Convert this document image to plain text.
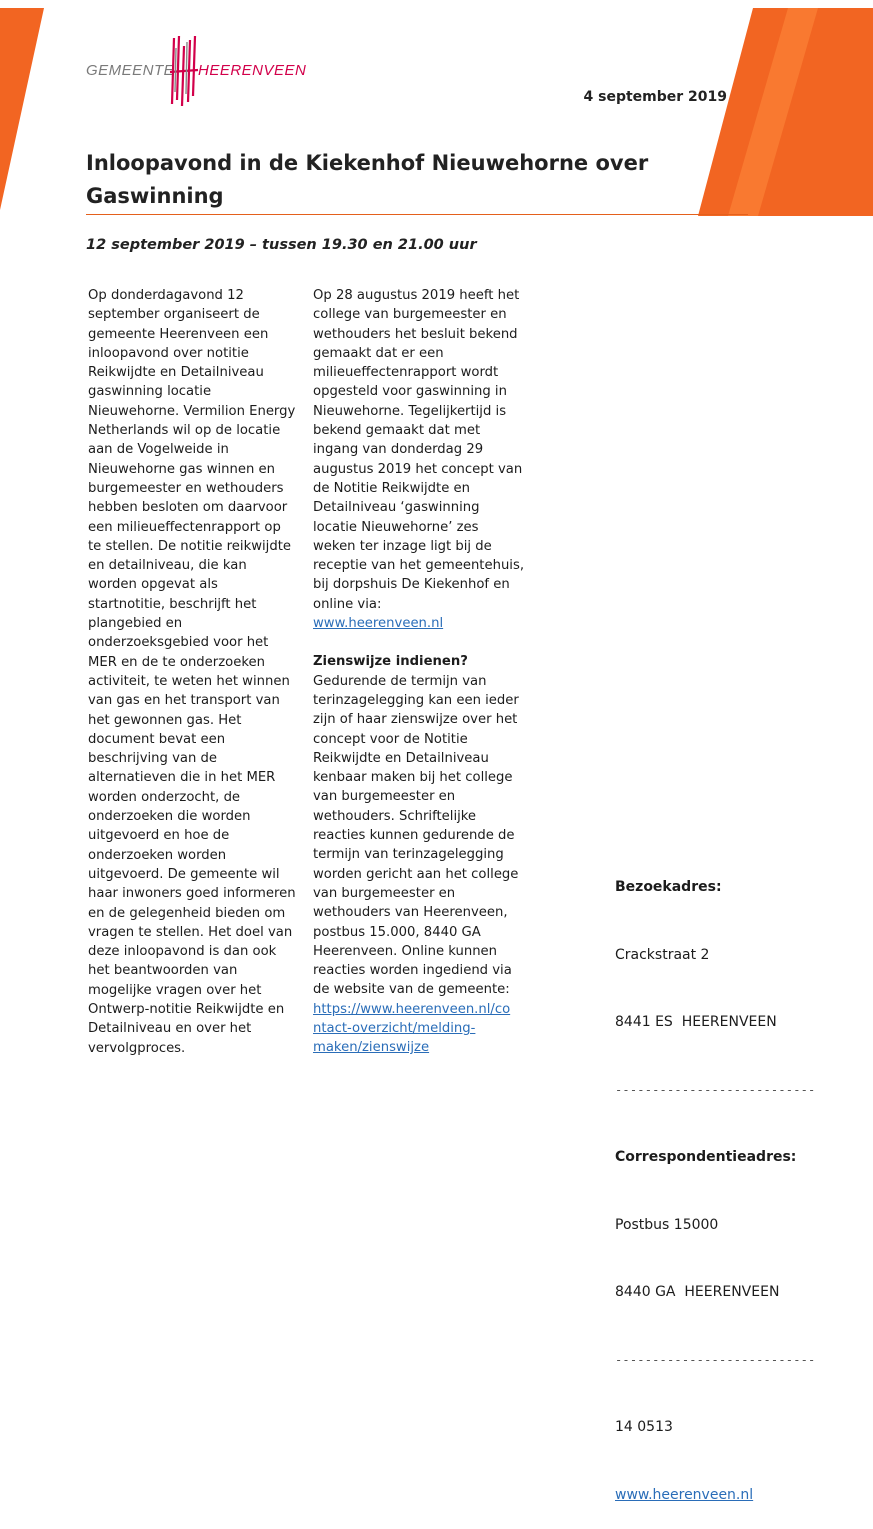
GEMEENTE HEERENVEEN
4 september 2019
Inloopavond in de Kiekenhof Nieuwehorne over Gaswinning

12 september 2019 – tussen 19.30 en 21.00 uur

Op donderdagavond 12
september organiseert de
gemeente Heerenveen een
inloopavond over notitie
Reikwijdte en Detailniveau
gaswinning locatie
Nieuwehorne. Vermilion Energy
Netherlands wil op de locatie
aan de Vogelweide in
Nieuwehorne gas winnen en
burgemeester en wethouders
hebben besloten om daarvoor
een milieueffectenrapport op
te stellen. De notitie reikwijdte
en detailniveau, die kan
worden opgevat als
startnotitie, beschrijft het
plangebied en
onderzoeksgebied voor het
MER en de te onderzoeken
activiteit, te weten het winnen
van gas en het transport van
het gewonnen gas. Het
document bevat een
beschrijving van de
alternatieven die in het MER
worden onderzocht, de
onderzoeken die worden
uitgevoerd en hoe de
onderzoeken worden
uitgevoerd. De gemeente wil
haar inwoners goed informeren
en de gelegenheid bieden om
vragen te stellen. Het doel van
deze inloopavond is dan ook
het beantwoorden van
mogelijke vragen over het
Ontwerp-notitie Reikwijdte en
Detailniveau en over het
vervolgproces.
Op 28 augustus 2019 heeft het
college van burgemeester en
wethouders het besluit bekend
gemaakt dat er een
milieueffectenrapport wordt
opgesteld voor gaswinning in
Nieuwehorne. Tegelijkertijd is
bekend gemaakt dat met
ingang van donderdag 29
augustus 2019 het concept van
de Notitie Reikwijdte en
Detailniveau ‘gaswinning
locatie Nieuwehorne’ zes
weken ter inzage ligt bij de
receptie van het gemeentehuis,
bij dorpshuis De Kiekenhof en
online via:
www.heerenveen.nl
Zienswijze indienen?
Gedurende de termijn van
terinzagelegging kan een ieder
zijn of haar zienswijze over het
concept voor de Notitie
Reikwijdte en Detailniveau
kenbaar maken bij het college
van burgemeester en
wethouders. Schriftelijke
reacties kunnen gedurende de
termijn van terinzagelegging
worden gericht aan het college
van burgemeester en
wethouders van Heerenveen,
postbus 15.000, 8440 GA
Heerenveen. Online kunnen
reacties worden ingediend via
de website van de gemeente:
https://www.heerenveen.nl/co
ntact-overzicht/melding-
maken/zienswijze

Bezoekadres:

Crackstraat 2

8441 ES  HEERENVEEN

---------------------------

Correspondentieadres:

Postbus 15000

8440 GA  HEERENVEEN

---------------------------

14 0513

www.heerenveen.nl
